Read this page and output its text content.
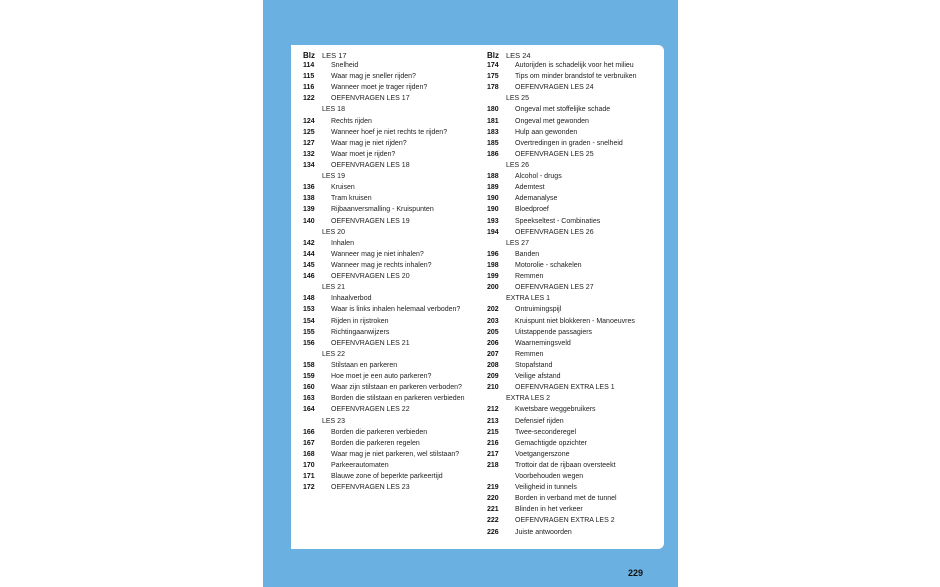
Blz LES 17
114 Snelheid
115 Waar mag je sneller rijden?
116 Wanneer moet je trager rijden?
122 OEFENVRAGEN LES 17
LES 18
124 Rechts rijden
125 Wanneer hoef je niet rechts te rijden?
127 Waar mag je niet rijden?
132 Waar moet je rijden?
134 OEFENVRAGEN LES 18
LES 19
136 Kruisen
138 Tram kruisen
139 Rijbaanversmalling - Kruispunten
140 OEFENVRAGEN LES 19
LES 20
142 Inhalen
144 Wanneer mag je niet inhalen?
145 Wanneer mag je rechts inhalen?
146 OEFENVRAGEN LES 20
LES 21
148 Inhaalverbod
153 Waar is links inhalen helemaal verboden?
154 Rijden in rijstroken
155 Richtingaanwijzers
156 OEFENVRAGEN LES 21
LES 22
158 Stilstaan en parkeren
159 Hoe moet je een auto parkeren?
160 Waar zijn stilstaan en parkeren verboden?
163 Borden die stilstaan en parkeren verbieden
164 OEFENVRAGEN LES 22
LES 23
166 Borden die parkeren verbieden
167 Borden die parkeren regelen
168 Waar mag je niet parkeren, wel stilstaan?
170 Parkeerautomaten
171 Blauwe zone of beperkte parkeertijd
172 OEFENVRAGEN LES 23
Blz LES 24
174 Autorijden is schadelijk voor het milieu
175 Tips om minder brandstof te verbruiken
178 OEFENVRAGEN LES 24
LES 25
180 Ongeval met stoffelijke schade
181 Ongeval met gewonden
183 Hulp aan gewonden
185 Overtredingen in graden - snelheid
186 OEFENVRAGEN LES 25
LES 26
188 Alcohol - drugs
189 Ademtest
190 Ademanalyse
190 Bloedproef
193 Speekseltest - Combinaties
194 OEFENVRAGEN LES 26
LES 27
196 Banden
198 Motorolie - schakelen
199 Remmen
200 OEFENVRAGEN LES 27
EXTRA LES 1
202 Ontruimingspijl
203 Kruispunt niet blokkeren - Manoeuvres
205 Uitstappende passagiers
206 Waarnemingsveld
207 Remmen
208 Stopafstand
209 Veilige afstand
210 OEFENVRAGEN EXTRA LES 1
EXTRA LES 2
212 Kwetsbare weggebruikers
213 Defensief rijden
215 Twee-seconderegel
216 Gemachtigde opzichter
217 Voetgangerszone
218 Trottoir dat de rijbaan oversteekt
Voorbehouden wegen
219 Veiligheid in tunnels
220 Borden in verband met de tunnel
221 Blinden in het verkeer
222 OEFENVRAGEN EXTRA LES 2
226 Juiste antwoorden
229
